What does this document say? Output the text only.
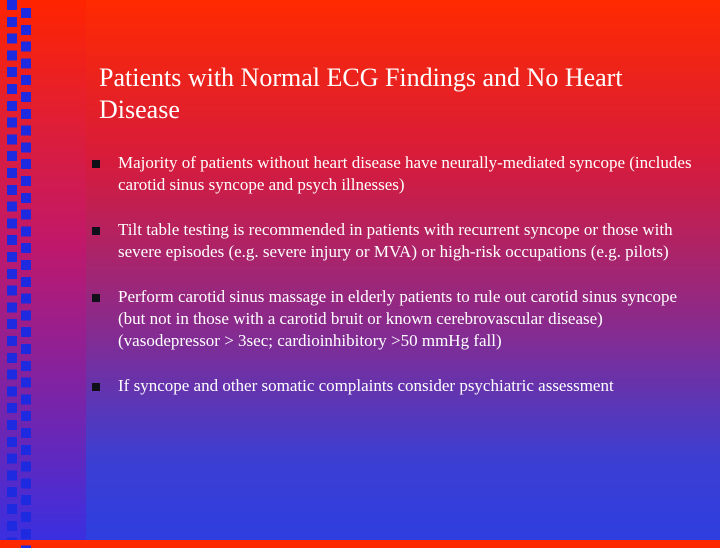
Patients with Normal ECG Findings and No Heart Disease
Majority of patients without heart disease have neurally-mediated syncope (includes carotid sinus syncope and psych illnesses)
Tilt table testing is recommended in patients with recurrent syncope or those with severe episodes (e.g. severe injury or MVA) or high-risk occupations (e.g. pilots)
Perform carotid sinus massage in elderly patients to rule out carotid sinus syncope (but not in those with a carotid bruit or known cerebrovascular disease) (vasodepressor > 3sec; cardioinhibitory >50 mmHg fall)
If syncope and other somatic complaints consider psychiatric assessment
